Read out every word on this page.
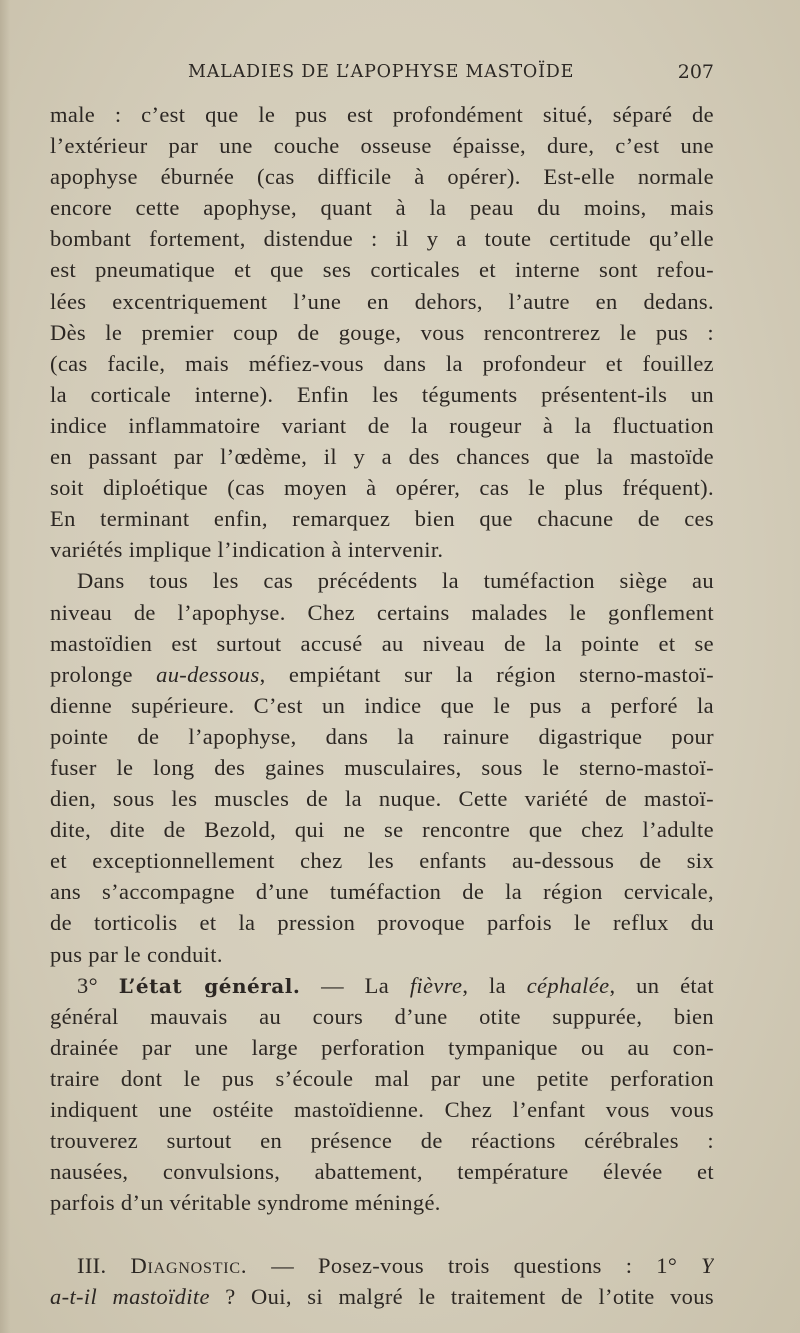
MALADIES DE L’APOPHYSE MASTOÏDE	207
male : c’est que le pus est profondément situé, séparé de
l’extérieur par une couche osseuse épaisse, dure, c’est une
apophyse éburnée (cas difficile à opérer). Est-elle normale
encore cette apophyse, quant à la peau du moins, mais
bombant fortement, distendue : il y a toute certitude qu’elle
est pneumatique et que ses corticales et interne sont refou-
lées excentriquement l’une en dehors, l’autre en dedans.
Dès le premier coup de gouge, vous rencontrerez le pus :
(cas facile, mais méfiez-vous dans la profondeur et fouillez
la corticale interne). Enfin les téguments présentent-ils un
indice inflammatoire variant de la rougeur à la fluctuation
en passant par l’œdème, il y a des chances que la mastoïde
soit diploétique (cas moyen à opérer, cas le plus fréquent).
En terminant enfin, remarquez bien que chacune de ces
variétés implique l’indication à intervenir.
Dans tous les cas précédents la tuméfaction siège au
niveau de l’apophyse. Chez certains malades le gonflement
mastoïdien est surtout accusé au niveau de la pointe et se
prolonge au-dessous, empiétant sur la région sterno-mastoï-
dienne supérieure. C’est un indice que le pus a perforé la
pointe de l’apophyse, dans la rainure digastrique pour
fuser le long des gaines musculaires, sous le sterno-mastoï-
dien, sous les muscles de la nuque. Cette variété de mastoï-
dite, dite de Bezold, qui ne se rencontre que chez l’adulte
et exceptionnellement chez les enfants au-dessous de six
ans s’accompagne d’une tuméfaction de la région cervicale,
de torticolis et la pression provoque parfois le reflux du
pus par le conduit.
3° L’état général. — La fièvre, la céphalée, un état
général mauvais au cours d’une otite suppurée, bien
drainée par une large perforation tympanique ou au con-
traire dont le pus s’écoule mal par une petite perforation
indiquent une ostéite mastoïdienne. Chez l’enfant vous vous
trouverez surtout en présence de réactions cérébrales :
nausées, convulsions, abattement, température élevée et
parfois d’un véritable syndrome méningé.
III. Diagnostic. — Posez-vous trois questions : 1° Y
a-t-il mastoïdite ? Oui, si malgré le traitement de l’otite vous
